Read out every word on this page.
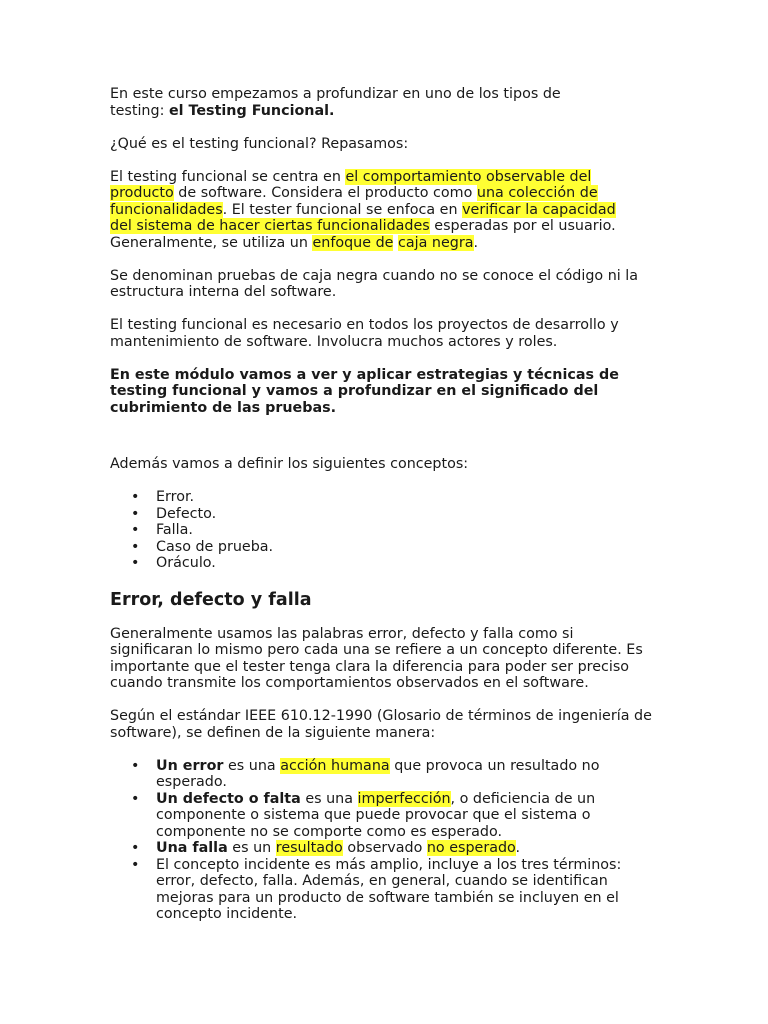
En este curso empezamos a profundizar en uno de los tipos de testing: el Testing Funcional.

¿Qué es el testing funcional? Repasamos:

El testing funcional se centra en el comportamiento observable del producto de software. Considera el producto como una colección de funcionalidades. El tester funcional se enfoca en verificar la capacidad del sistema de hacer ciertas funcionalidades esperadas por el usuario. Generalmente, se utiliza un enfoque de caja negra.

Se denominan pruebas de caja negra cuando no se conoce el código ni la estructura interna del software.

El testing funcional es necesario en todos los proyectos de desarrollo y mantenimiento de software. Involucra muchos actores y roles.

En este módulo vamos a ver y aplicar estrategias y técnicas de testing funcional y vamos a profundizar en el significado del cubrimiento de las pruebas.

Además vamos a definir los siguientes conceptos:

• Error.
• Defecto.
• Falla.
• Caso de prueba.
• Oráculo.
Error, defecto y falla

Generalmente usamos las palabras error, defecto y falla como si significaran lo mismo pero cada una se refiere a un concepto diferente. Es importante que el tester tenga clara la diferencia para poder ser preciso cuando transmite los comportamientos observados en el software.

Según el estándar IEEE 610.12-1990 (Glosario de términos de ingeniería de software), se definen de la siguiente manera:

• Un error es una acción humana que provoca un resultado no esperado.
• Un defecto o falta es una imperfección, o deficiencia de un componente o sistema que puede provocar que el sistema o componente no se comporte como es esperado.
• Una falla es un resultado observado no esperado.
• El concepto incidente es más amplio, incluye a los tres términos: error, defecto, falla. Además, en general, cuando se identifican mejoras para un producto de software también se incluyen en el concepto incidente.
